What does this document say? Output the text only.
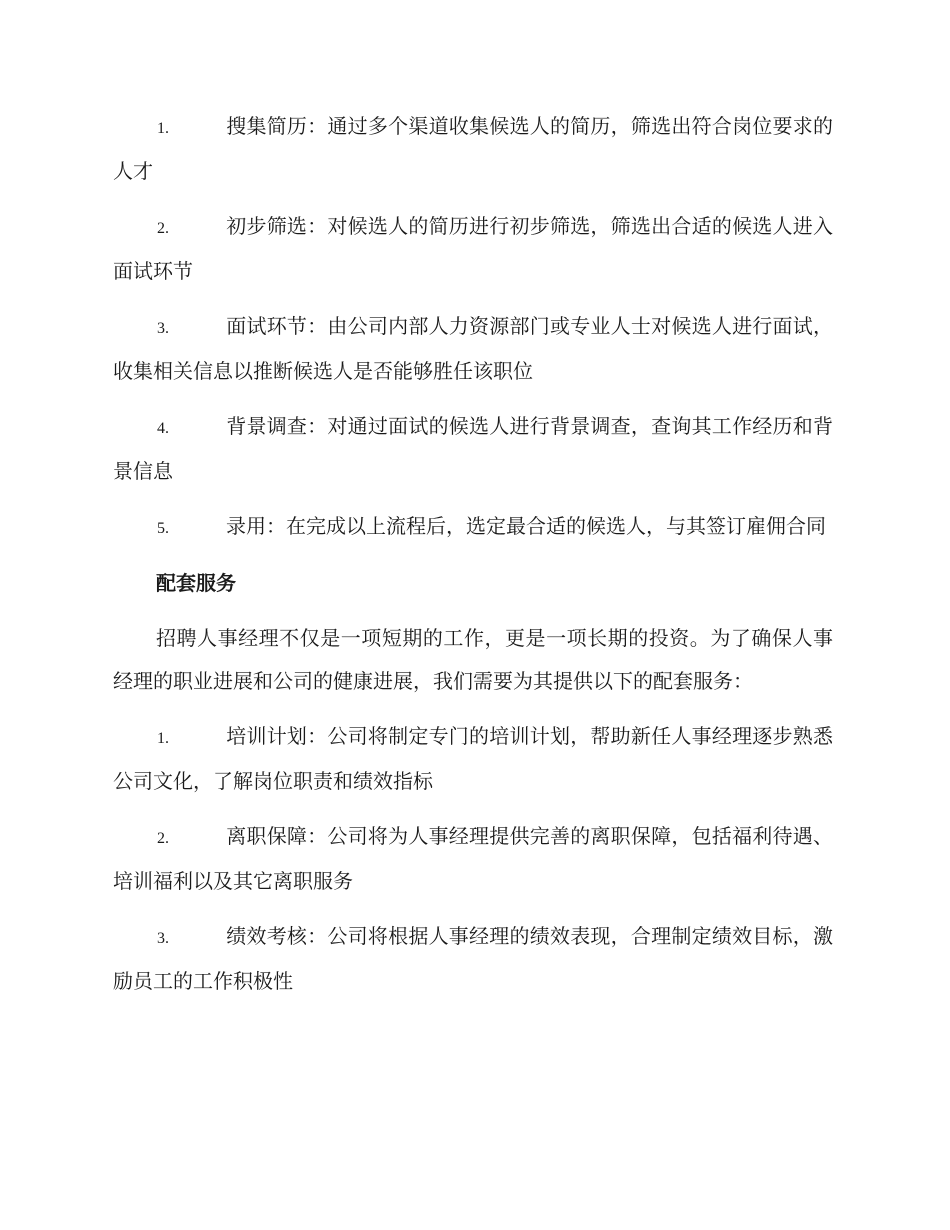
1.	搜集简历：通过多个渠道收集候选人的简历，筛选出符合岗位要求的人才
2.	初步筛选：对候选人的简历进行初步筛选，筛选出合适的候选人进入面试环节
3.	面试环节：由公司内部人力资源部门或专业人士对候选人进行面试，收集相关信息以推断候选人是否能够胜任该职位
4.	背景调查：对通过面试的候选人进行背景调查，查询其工作经历和背景信息
5.	录用：在完成以上流程后，选定最合适的候选人，与其签订雇佣合同
配套服务
招聘人事经理不仅是一项短期的工作，更是一项长期的投资。为了确保人事经理的职业进展和公司的健康进展，我们需要为其提供以下的配套服务：
1.	培训计划：公司将制定专门的培训计划，帮助新任人事经理逐步熟悉公司文化，了解岗位职责和绩效指标
2.	离职保障：公司将为人事经理提供完善的离职保障，包括福利待遇、培训福利以及其它离职服务
3.	绩效考核：公司将根据人事经理的绩效表现，合理制定绩效目标，激励员工的工作积极性
